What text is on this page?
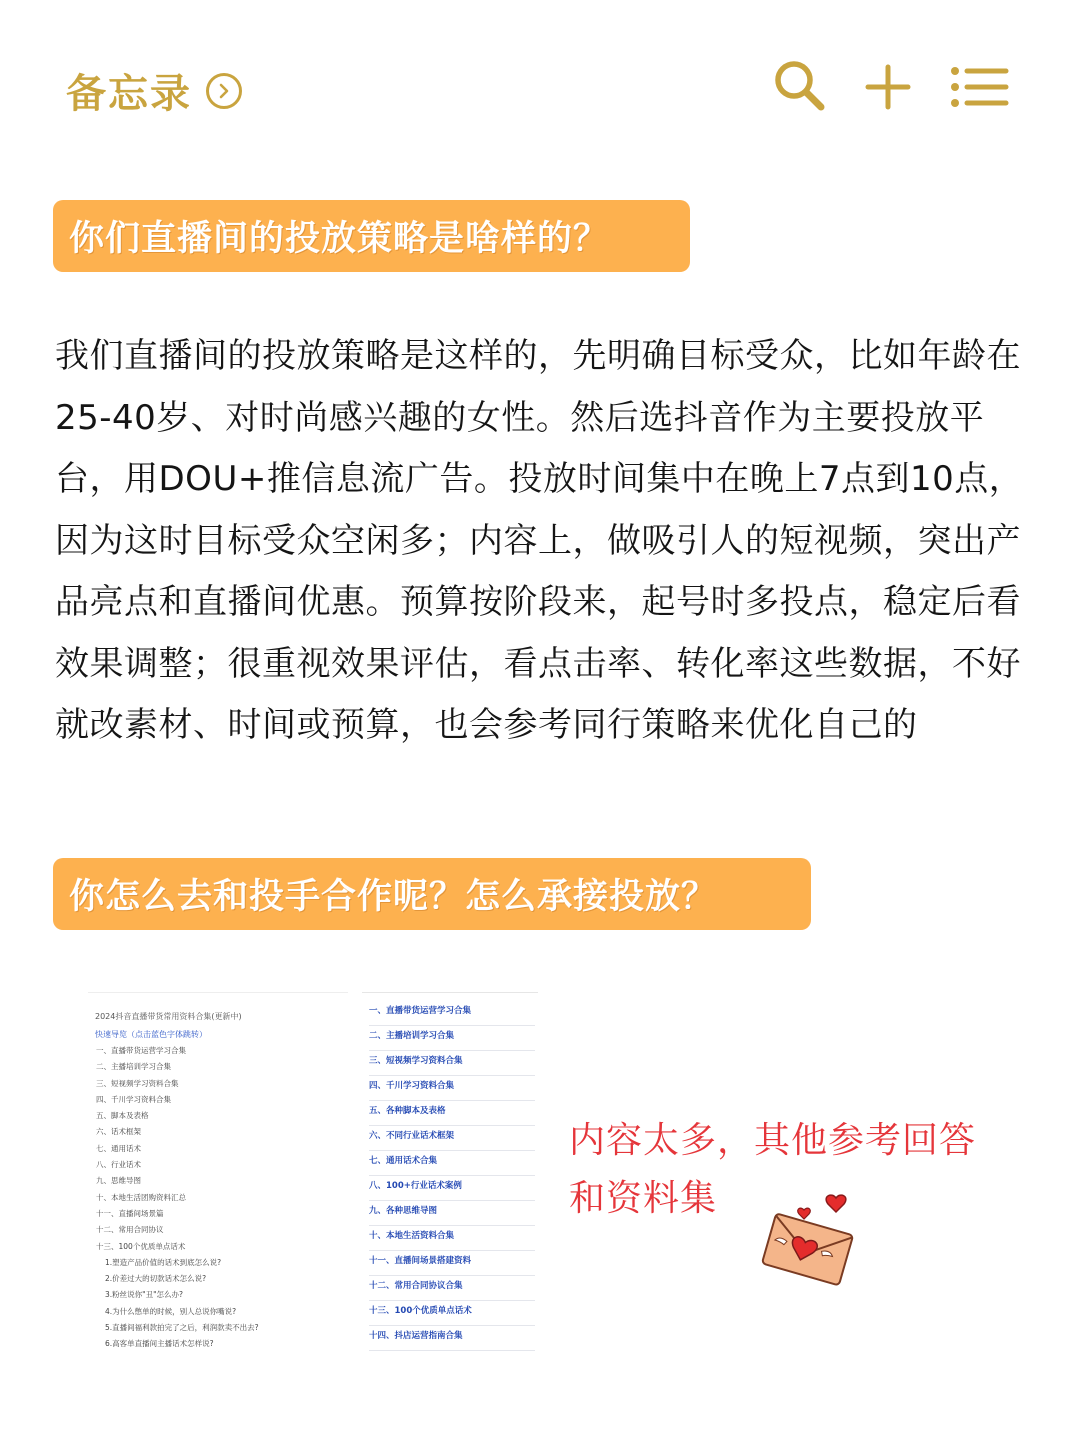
备忘录
你们直播间的投放策略是啥样的？
我们直播间的投放策略是这样的，先明确目标受众，比如年龄在25-40岁、对时尚感兴趣的女性。然后选抖音作为主要投放平台，用DOU+推信息流广告。投放时间集中在晚上7点到10点，因为这时目标受众空闲多；内容上，做吸引人的短视频，突出产品亮点和直播间优惠。预算按阶段来，起号时多投点，稳定后看效果调整；很重视效果评估，看点击率、转化率这些数据，不好就改素材、时间或预算，也会参考同行策略来优化自己的
你怎么去和投手合作呢？怎么承接投放？
2024抖音直播带货常用资料合集(更新中)
快速导览（点击蓝色字体跳转）
一、直播带货运营学习合集
二、主播培训学习合集
三、短视频学习资料合集
四、千川学习资料合集
五、脚本及表格
六、话术框架
七、通用话术
八、行业话术
九、思维导图
十、本地生活团购资料汇总
十一、直播间场景篇
十二、常用合同协议
十三、100个优质单点话术
1.塑造产品价值的话术到底怎么说?
2.价差过大的切款话术怎么说?
3.粉丝说你"丑"怎么办?
4.为什么憋单的时候，别人总说你嘴说?
5.直播间福利款拍完了之后，利润款卖不出去?
6.高客单直播间主播话术怎样说?
一、直播带货运营学习合集
二、主播培训学习合集
三、短视频学习资料合集
四、千川学习资料合集
五、各种脚本及表格
六、不同行业话术框架
七、通用话术合集
八、100+行业话术案例
九、各种思维导图
十、本地生活资料合集
十一、直播间场景搭建资料
十二、常用合同协议合集
十三、100个优质单点话术
十四、抖店运营指南合集
内容太多，其他参考回答
和资料集
